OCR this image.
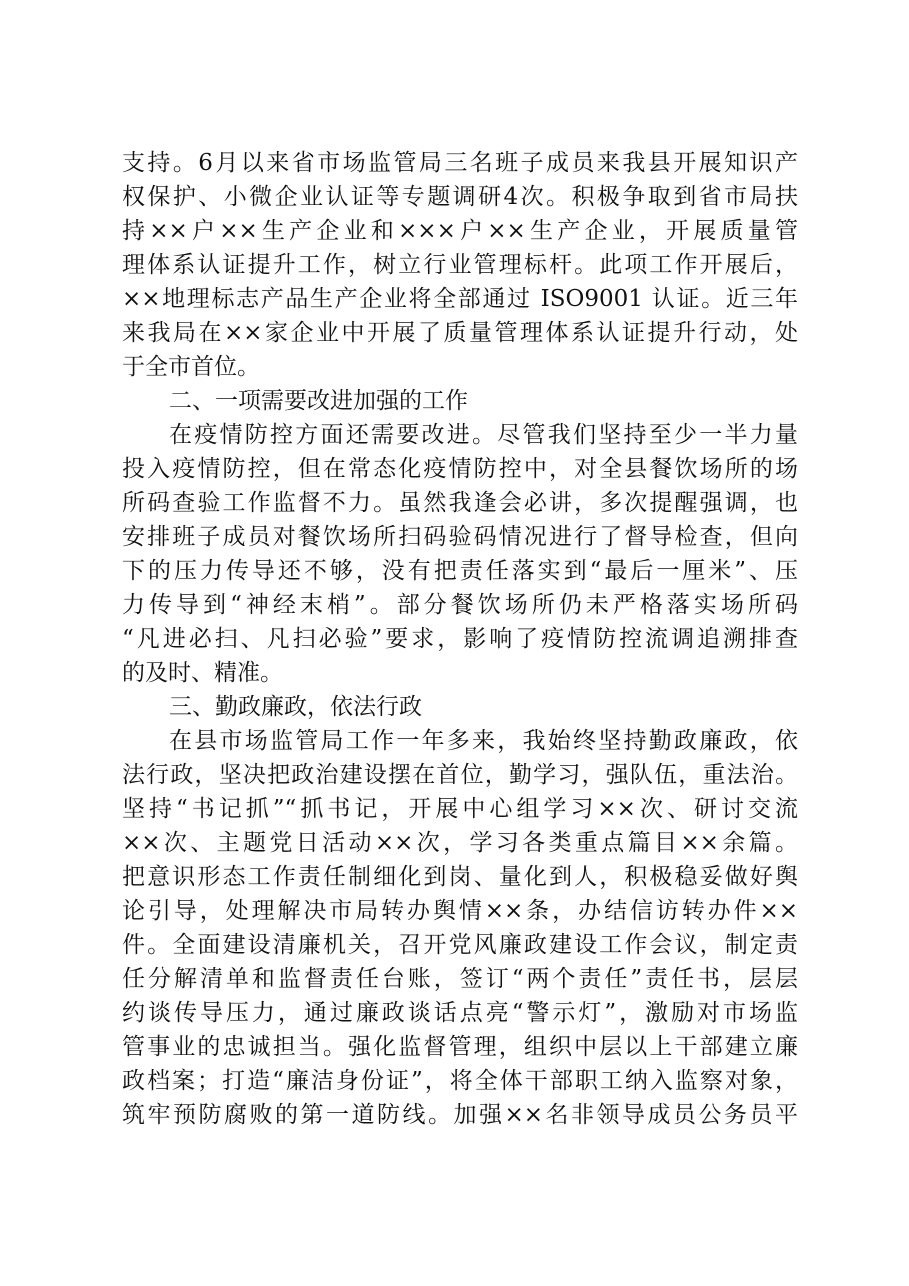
支持。6月以来省市场监管局三名班子成员来我县开展知识产
权保护、小微企业认证等专题调研4次。积极争取到省市局扶
持××户××生产企业和×××户××生产企业，开展质量管
理体系认证提升工作，树立行业管理标杆。此项工作开展后，
××地理标志产品生产企业将全部通过 ISO9001 认证。近三年
来我局在××家企业中开展了质量管理体系认证提升行动，处
于全市首位。
二、一项需要改进加强的工作
在疫情防控方面还需要改进。尽管我们坚持至少一半力量
投入疫情防控，但在常态化疫情防控中，对全县餐饮场所的场
所码查验工作监督不力。虽然我逢会必讲，多次提醒强调，也
安排班子成员对餐饮场所扫码验码情况进行了督导检查，但向
下的压力传导还不够，没有把责任落实到“最后一厘米”、压
力传导到“神经末梢”。部分餐饮场所仍未严格落实场所码
“凡进必扫、凡扫必验”要求，影响了疫情防控流调追溯排查
的及时、精准。
三、勤政廉政，依法行政
在县市场监管局工作一年多来，我始终坚持勤政廉政，依
法行政，坚决把政治建设摆在首位，勤学习，强队伍，重法治。
坚持“书记抓”“抓书记，开展中心组学习××次、研讨交流
××次、主题党日活动××次，学习各类重点篇目××余篇。
把意识形态工作责任制细化到岗、量化到人，积极稳妥做好舆
论引导，处理解决市局转办舆情××条，办结信访转办件××
件。全面建设清廉机关，召开党风廉政建设工作会议，制定责
任分解清单和监督责任台账，签订“两个责任”责任书，层层
约谈传导压力，通过廉政谈话点亮“警示灯”，激励对市场监
管事业的忠诚担当。强化监督管理，组织中层以上干部建立廉
政档案；打造“廉洁身份证”，将全体干部职工纳入监察对象，
筑牢预防腐败的第一道防线。加强××名非领导成员公务员平
